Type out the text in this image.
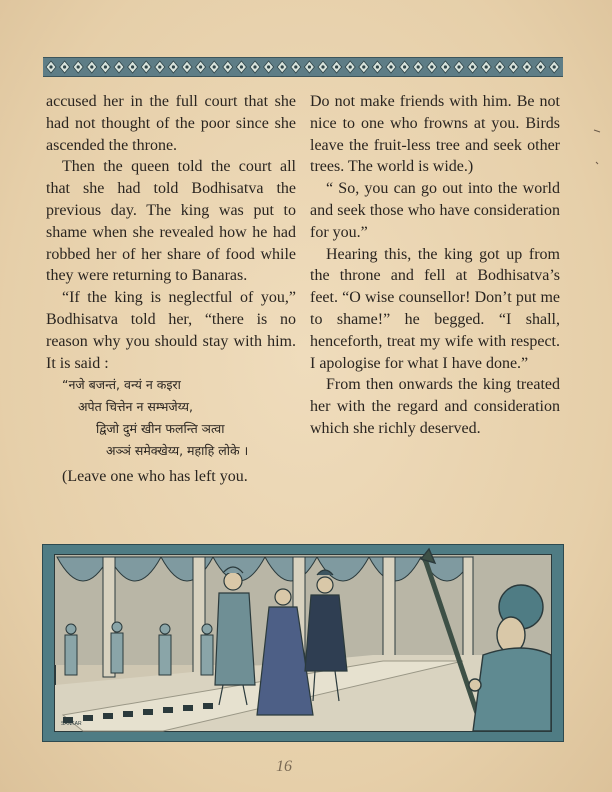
accused her in the full court that she had not thought of the poor since she ascended the throne.

Then the queen told the court all that she had told Bodhisatva the previous day. The king was put to shame when she revealed how he had robbed her of her share of food while they were returning to Banaras.

“If the king is neglectful of you,” Bodhisatva told her, “there is no reason why you should stay with him. It is said :

“नजे बजन्तं, वन्यं न कइरा

अपेत चित्तेन न सम्भजेय्य,

द्विजो दुमं खीन फलन्ति ञत्वा

अञ्ञं समेक्खेय्य, महाहि लोके ।

(Leave one who has left you.

Do not make friends with him. Be not nice to one who frowns at you. Birds leave the fruit-less tree and seek other trees. The world is wide.)

“ So, you can go out into the world and seek those who have consideration for you.”

Hearing this, the king got up from the throne and fell at Bodhisatva’s feet. “O wise counsellor! Don’t put me to shame!” he begged. “I shall, henceforth, treat my wife with respect. I apologise for what I have done.”

From then onwards the king treated her with the regard and consideration which she richly deserved.

SANKAR
16
